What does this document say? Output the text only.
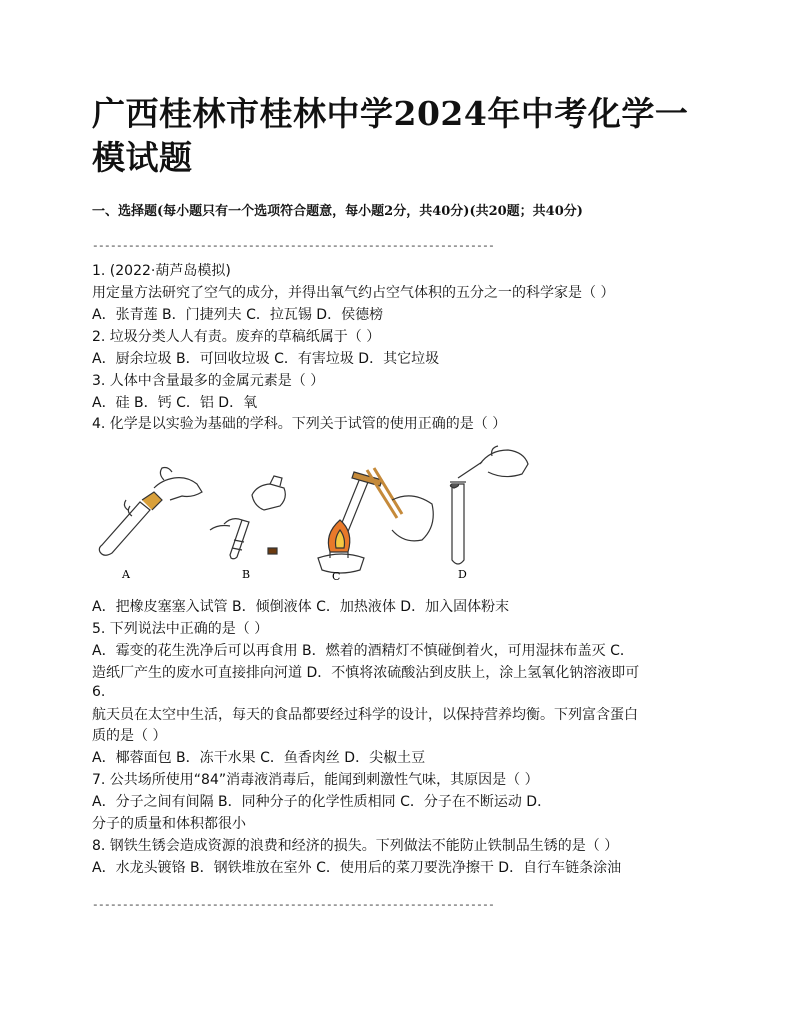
广西桂林市桂林中学2024年中考化学一模试题
一、选择题(每小题只有一个选项符合题意，每小题2分，共40分)(共20题；共40分)
-------------------------------------------------------------------
1. (2022·葫芦岛模拟)
用定量方法研究了空气的成分，并得出氧气约占空气体积的五分之一的科学家是（ ）
A．张青莲 B．门捷列夫 C．拉瓦锡 D．侯德榜
2. 垃圾分类人人有责。废弃的草稿纸属于（ ）
A．厨余垃圾 B．可回收垃圾 C．有害垃圾 D．其它垃圾
3. 人体中含量最多的金属元素是（ ）
A．硅 B．钙 C．铝 D．氧
4. 化学是以实验为基础的学科。下列关于试管的使用正确的是（ ）
A	B	C	D
A．把橡皮塞塞入试管 B．倾倒液体 C．加热液体 D．加入固体粉末
5. 下列说法中正确的是（ ）
A．霉变的花生洗净后可以再食用 B．燃着的酒精灯不慎碰倒着火，可用湿抹布盖灭 C．
造纸厂产生的废水可直接排向河道 D．不慎将浓硫酸沾到皮肤上，涂上氢氧化钠溶液即可
6.
航天员在太空中生活，每天的食品都要经过科学的设计，以保持营养均衡。下列富含蛋白
质的是（ ）
A．椰蓉面包 B．冻干水果 C．鱼香肉丝 D．尖椒土豆
7. 公共场所使用“84”消毒液消毒后，能闻到刺激性气味，其原因是（ ）
A．分子之间有间隔 B．同种分子的化学性质相同 C．分子在不断运动 D．
分子的质量和体积都很小
8. 钢铁生锈会造成资源的浪费和经济的损失。下列做法不能防止铁制品生锈的是（ ）
A．水龙头镀铬 B．钢铁堆放在室外 C．使用后的菜刀要洗净擦干 D．自行车链条涂油
-------------------------------------------------------------------
